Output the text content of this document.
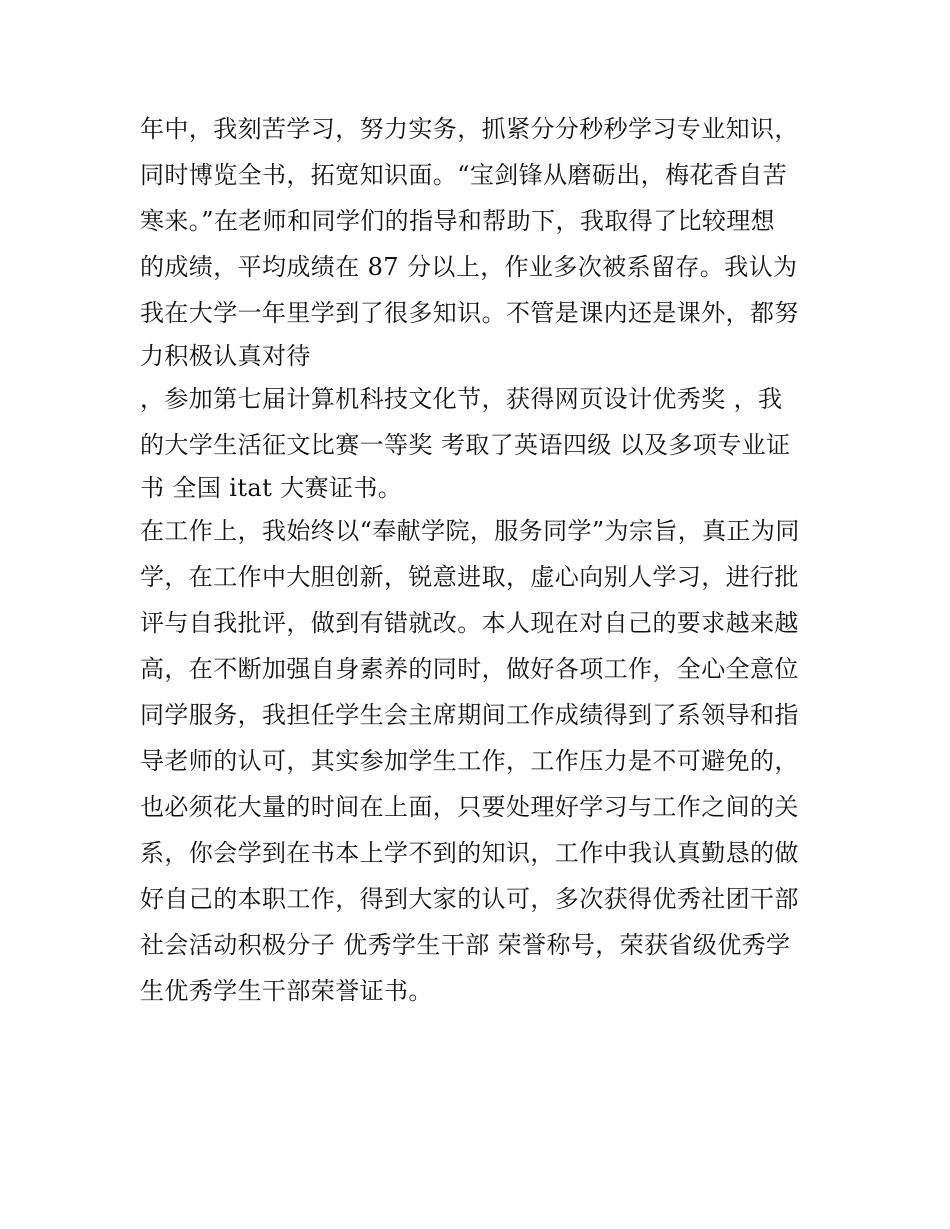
年中，我刻苦学习，努力实务，抓紧分分秒秒学习专业知识，
同时博览全书，拓宽知识面。“宝剑锋从磨砺出，梅花香自苦
寒来。”在老师和同学们的指导和帮助下，我取得了比较理想
的成绩，平均成绩在 87 分以上，作业多次被系留存。我认为
我在大学一年里学到了很多知识。不管是课内还是课外，都努
力积极认真对待
，参加第七届计算机科技文化节，获得网页设计优秀奖 ，我
的大学生活征文比赛一等奖 考取了英语四级 以及多项专业证
书 全国 itat 大赛证书。
在工作上，我始终以“奉献学院，服务同学”为宗旨，真正为同
学，在工作中大胆创新，锐意进取，虚心向别人学习，进行批
评与自我批评，做到有错就改。本人现在对自己的要求越来越
高，在不断加强自身素养的同时，做好各项工作，全心全意位
同学服务，我担任学生会主席期间工作成绩得到了系领导和指
导老师的认可，其实参加学生工作，工作压力是不可避免的，
也必须花大量的时间在上面，只要处理好学习与工作之间的关
系，你会学到在书本上学不到的知识，工作中我认真勤恳的做
好自己的本职工作，得到大家的认可，多次获得优秀社团干部
社会活动积极分子 优秀学生干部 荣誉称号，荣获省级优秀学
生优秀学生干部荣誉证书。
